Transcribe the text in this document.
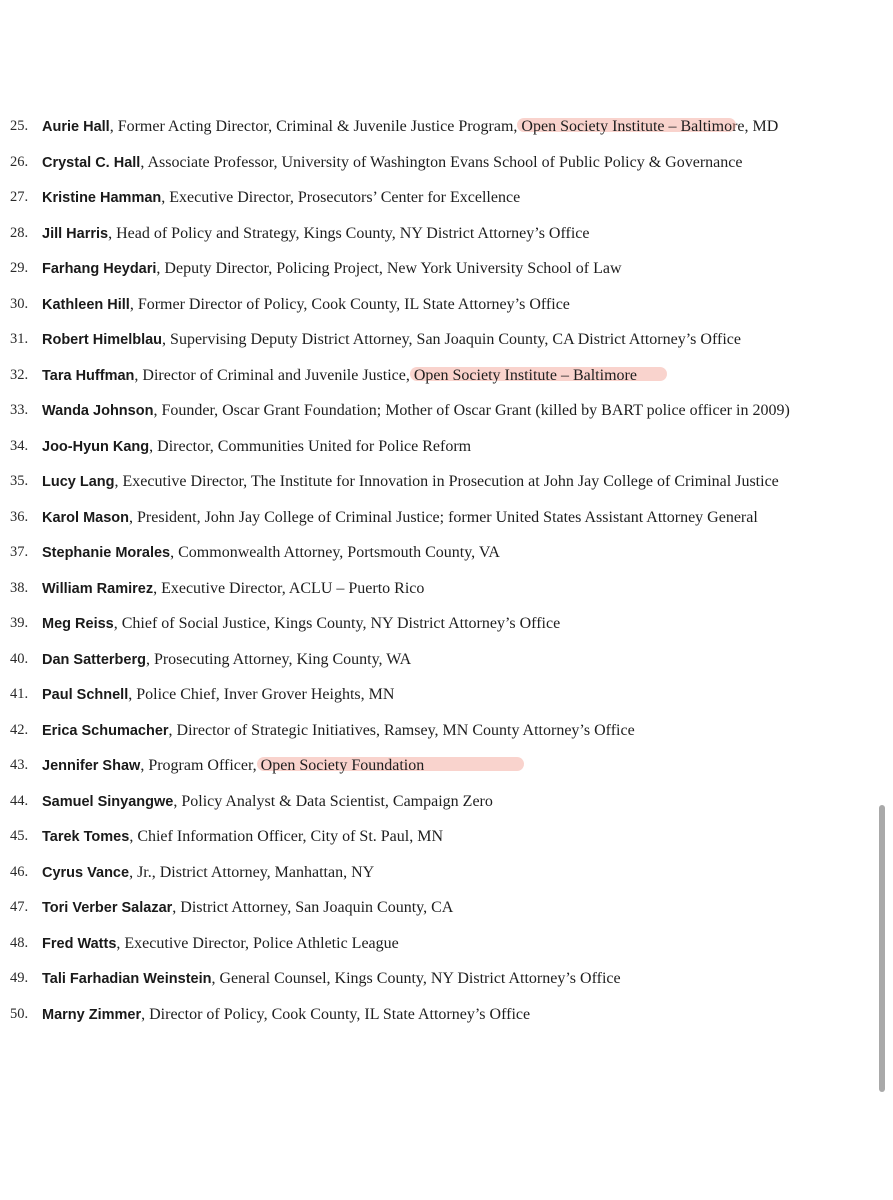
25. Aurie Hall, Former Acting Director, Criminal & Juvenile Justice Program, Open Society Institute – Baltimore, MD
26. Crystal C. Hall, Associate Professor, University of Washington Evans School of Public Policy & Governance
27. Kristine Hamman, Executive Director, Prosecutors’ Center for Excellence
28. Jill Harris, Head of Policy and Strategy, Kings County, NY District Attorney’s Office
29. Farhang Heydari, Deputy Director, Policing Project, New York University School of Law
30. Kathleen Hill, Former Director of Policy, Cook County, IL State Attorney’s Office
31. Robert Himelblau, Supervising Deputy District Attorney, San Joaquin County, CA District Attorney’s Office
32. Tara Huffman, Director of Criminal and Juvenile Justice, Open Society Institute – Baltimore
33. Wanda Johnson, Founder, Oscar Grant Foundation; Mother of Oscar Grant (killed by BART police officer in 2009)
34. Joo-Hyun Kang, Director, Communities United for Police Reform
35. Lucy Lang, Executive Director, The Institute for Innovation in Prosecution at John Jay College of Criminal Justice
36. Karol Mason, President, John Jay College of Criminal Justice; former United States Assistant Attorney General
37. Stephanie Morales, Commonwealth Attorney, Portsmouth County, VA
38. William Ramirez, Executive Director, ACLU – Puerto Rico
39. Meg Reiss, Chief of Social Justice, Kings County, NY District Attorney’s Office
40. Dan Satterberg, Prosecuting Attorney, King County, WA
41. Paul Schnell, Police Chief, Inver Grover Heights, MN
42. Erica Schumacher, Director of Strategic Initiatives, Ramsey, MN County Attorney’s Office
43. Jennifer Shaw, Program Officer, Open Society Foundation
44. Samuel Sinyangwe, Policy Analyst & Data Scientist, Campaign Zero
45. Tarek Tomes, Chief Information Officer, City of St. Paul, MN
46. Cyrus Vance, Jr., District Attorney, Manhattan, NY
47. Tori Verber Salazar, District Attorney, San Joaquin County, CA
48. Fred Watts, Executive Director, Police Athletic League
49. Tali Farhadian Weinstein, General Counsel, Kings County, NY District Attorney’s Office
50. Marny Zimmer, Director of Policy, Cook County, IL State Attorney’s Office
